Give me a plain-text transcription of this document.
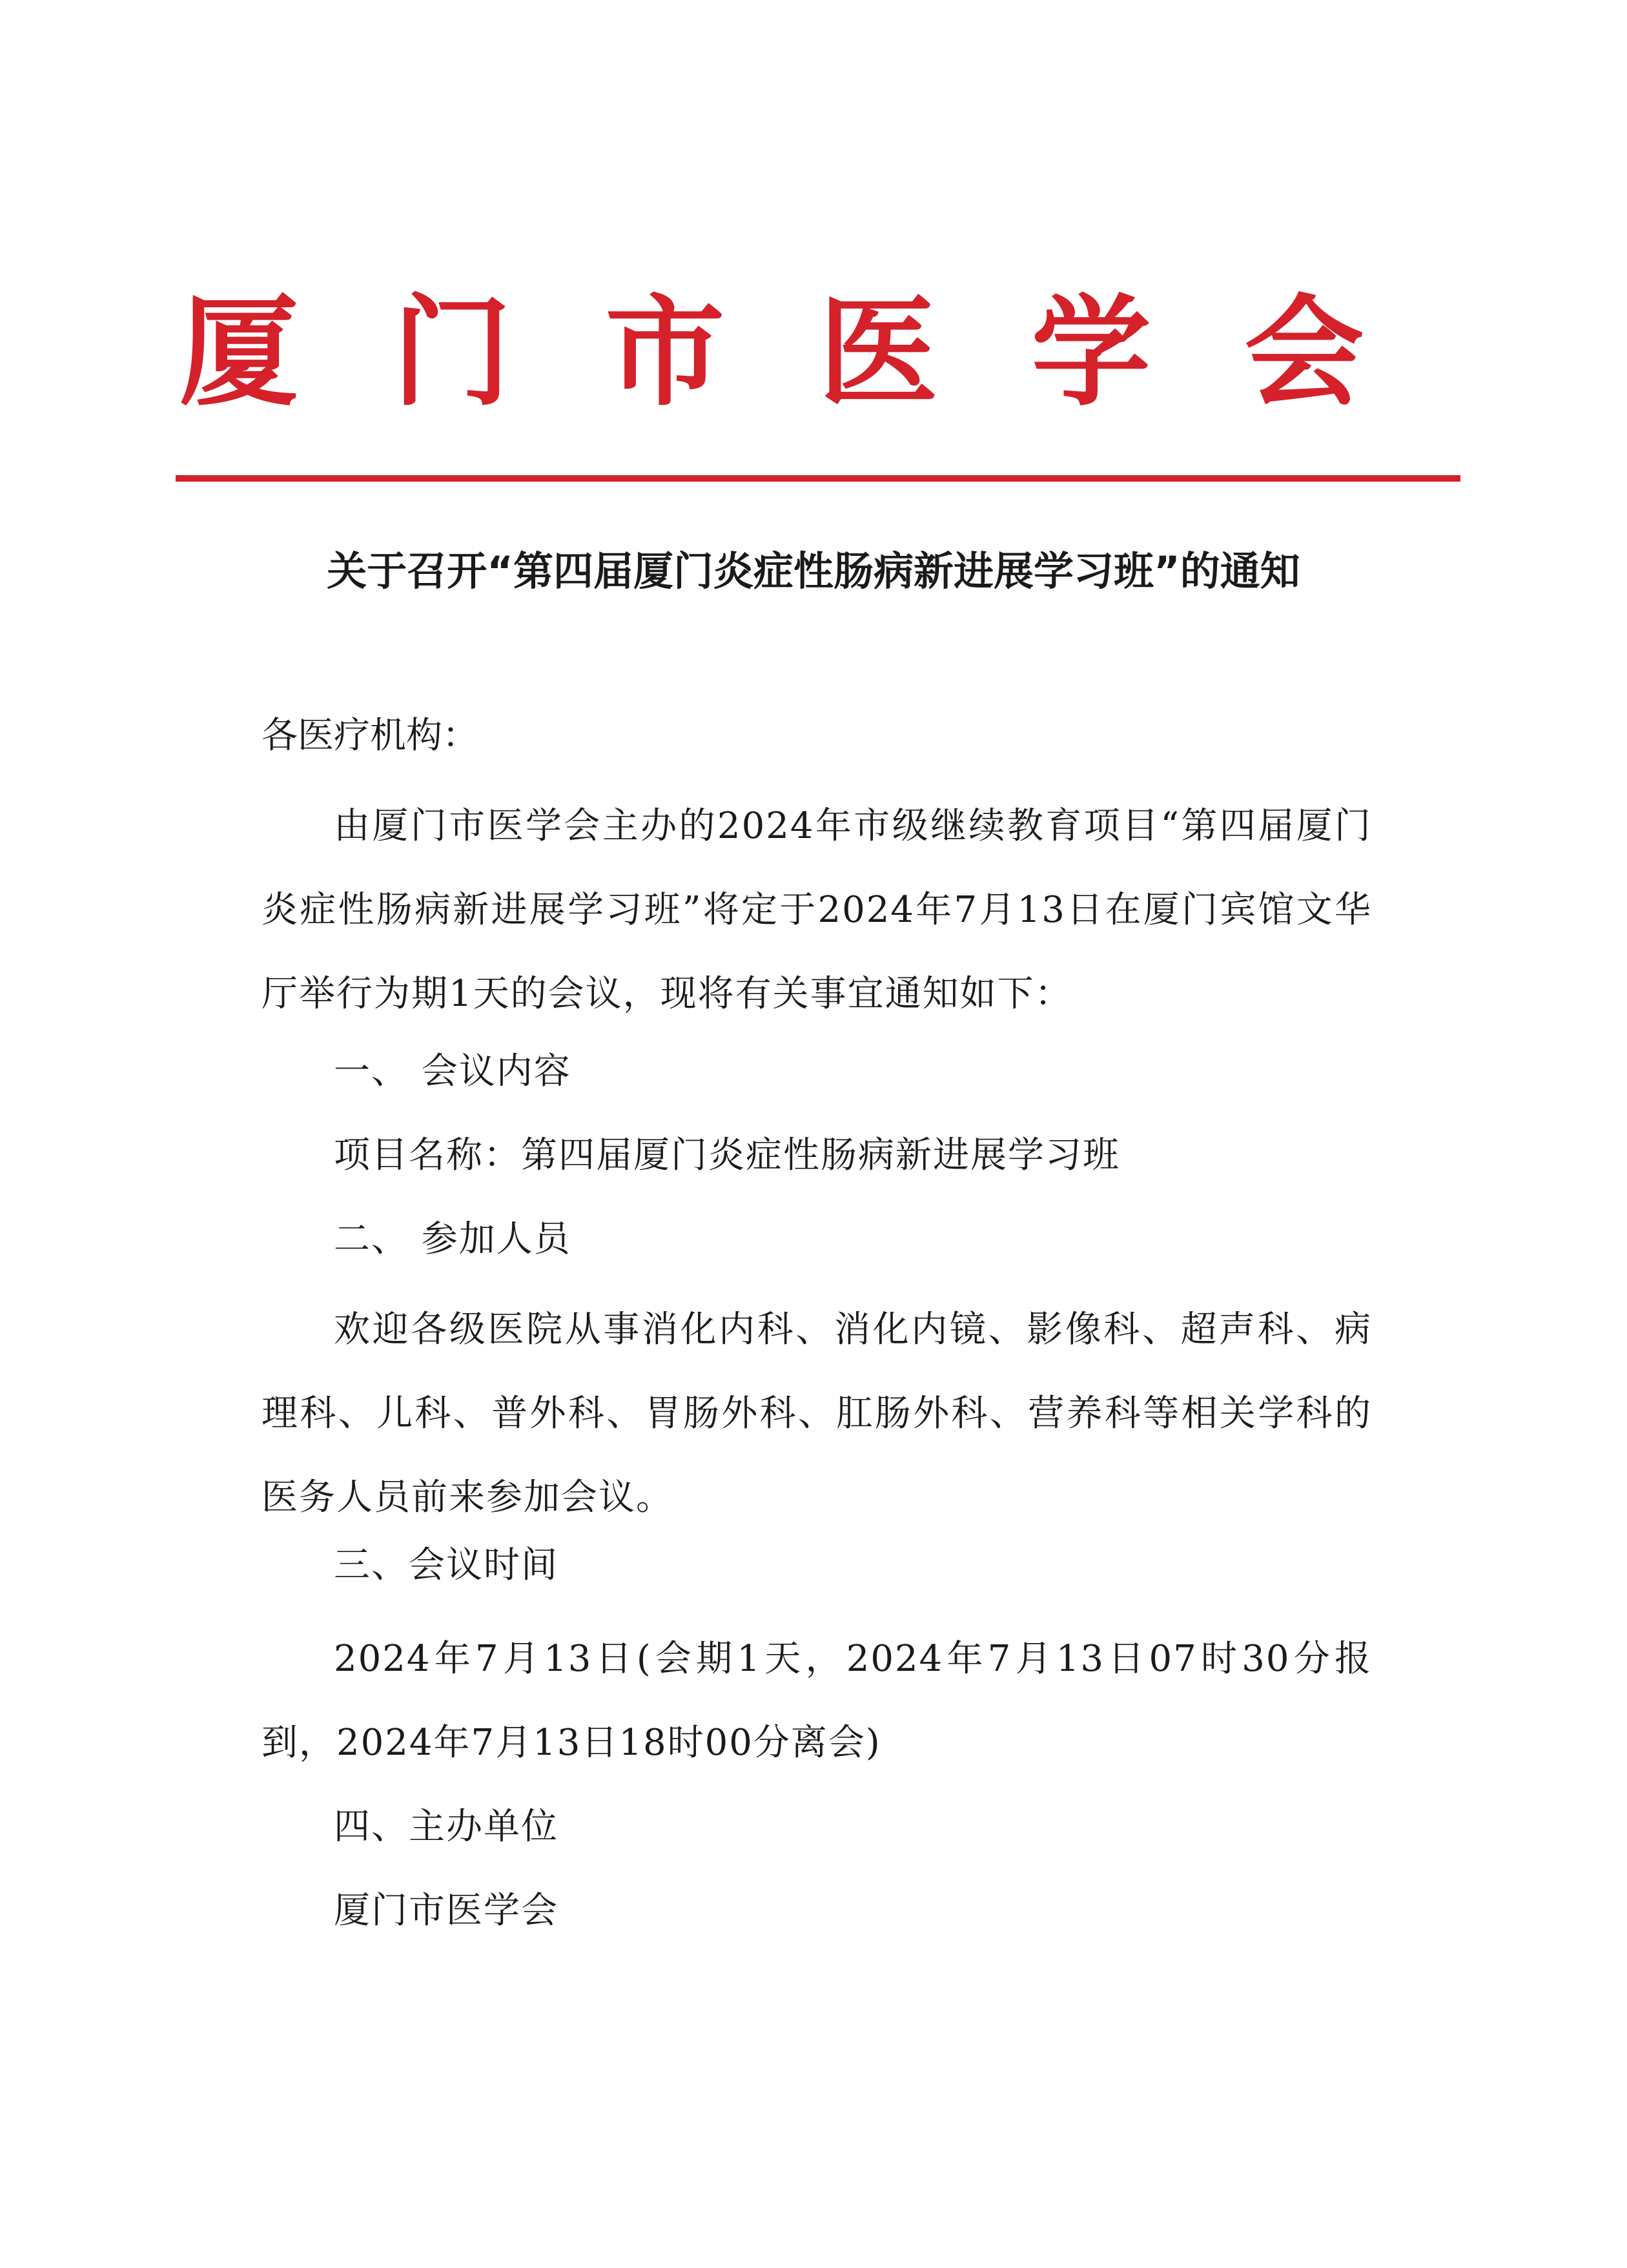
厦 门 市 医 学 会
关于召开“第四届厦门炎症性肠病新进展学习班”的通知
各医疗机构：
由厦门市医学会主办的2024年市级继续教育项目“第四届厦门炎症性肠病新进展学习班”将定于2024年7月13日在厦门宾馆文华厅举行为期1天的会议，现将有关事宜通知如下：
一、 会议内容
项目名称：第四届厦门炎症性肠病新进展学习班
二、 参加人员
欢迎各级医院从事消化内科、消化内镜、影像科、超声科、病理科、儿科、普外科、胃肠外科、肛肠外科、营养科等相关学科的医务人员前来参加会议。
三、会议时间
2024年7月13日(会期1天，2024年7月13日07时30分报到，2024年7月13日18时00分离会)
四、主办单位
厦门市医学会
